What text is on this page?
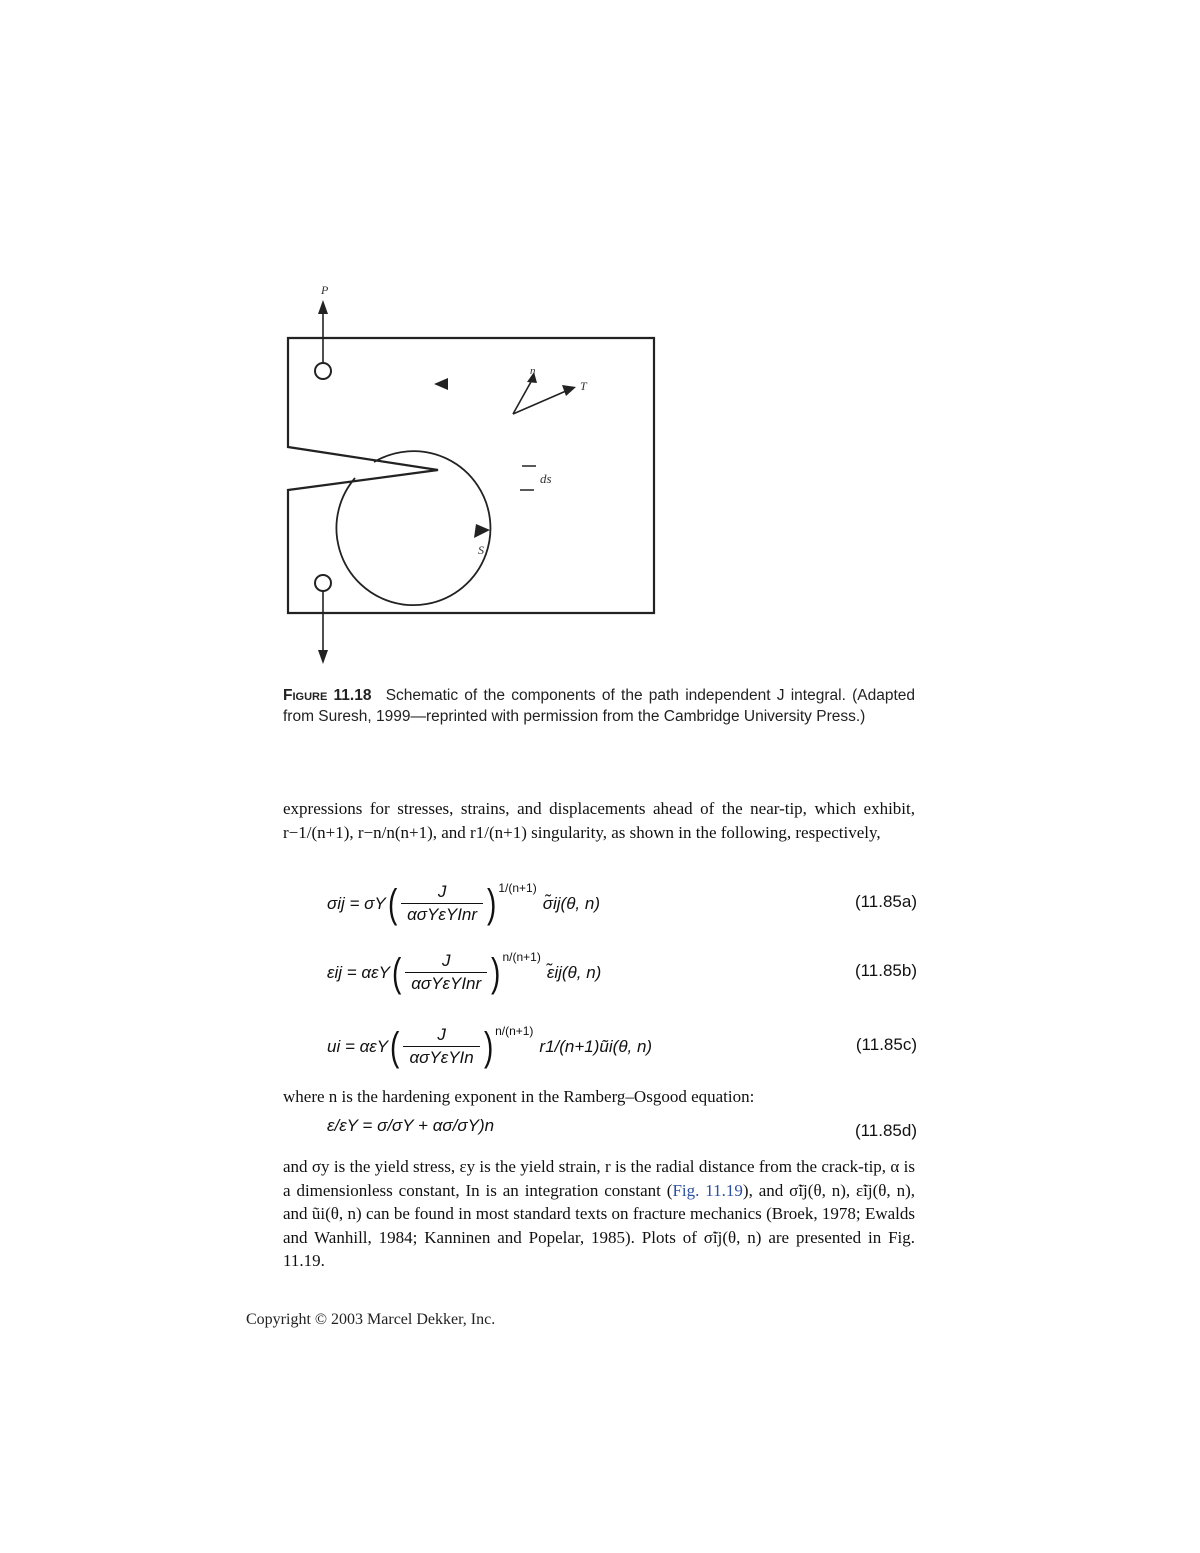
P
n
T
ds
S
Figure 11.18 Schematic of the components of the path independent J integral. (Adapted from Suresh, 1999—reprinted with permission from the Cambridge University Press.)
expressions for stresses, strains, and displacements ahead of the near-tip, which exhibit, r−1/(n+1), r−n/n(n+1), and r1/(n+1) singularity, as shown in the following, respectively,
σij = σY ( $\frac{J}{\text{ασYεYInr}} )^{1/(n+1)}$
σ̃ij(θ, n)	(11.85a)
εij = αεY ( $\frac{J}{\text{ασYεYInr}} )^{n/(n+1)}$
ε̃ij(θ, n)	(11.85b)
ui = αεY ( $\frac{J}{\text{ασYεYIn}} )^{n/(n+1)}$
r1/(n+1)ũi(θ, n)	(11.85c)
where n is the hardening exponent in the Ramberg–Osgood equation:
ε/εY = σ/σY + ασ/σY)n	(11.85d)
and σy is the yield stress, εy is the yield strain, r is the radial distance from the crack-tip, α is a dimensionless constant, In is an integration constant (Fig. 11.19), and σ̃ij(θ, n), ε̃ij(θ, n), and ũi(θ, n) can be found in most standard texts on fracture mechanics (Broek, 1978; Ewalds and Wanhill, 1984; Kanninen and Popelar, 1985). Plots of σ̃ij(θ, n) are presented in Fig. 11.19.
Copyright © 2003 Marcel Dekker, Inc.
